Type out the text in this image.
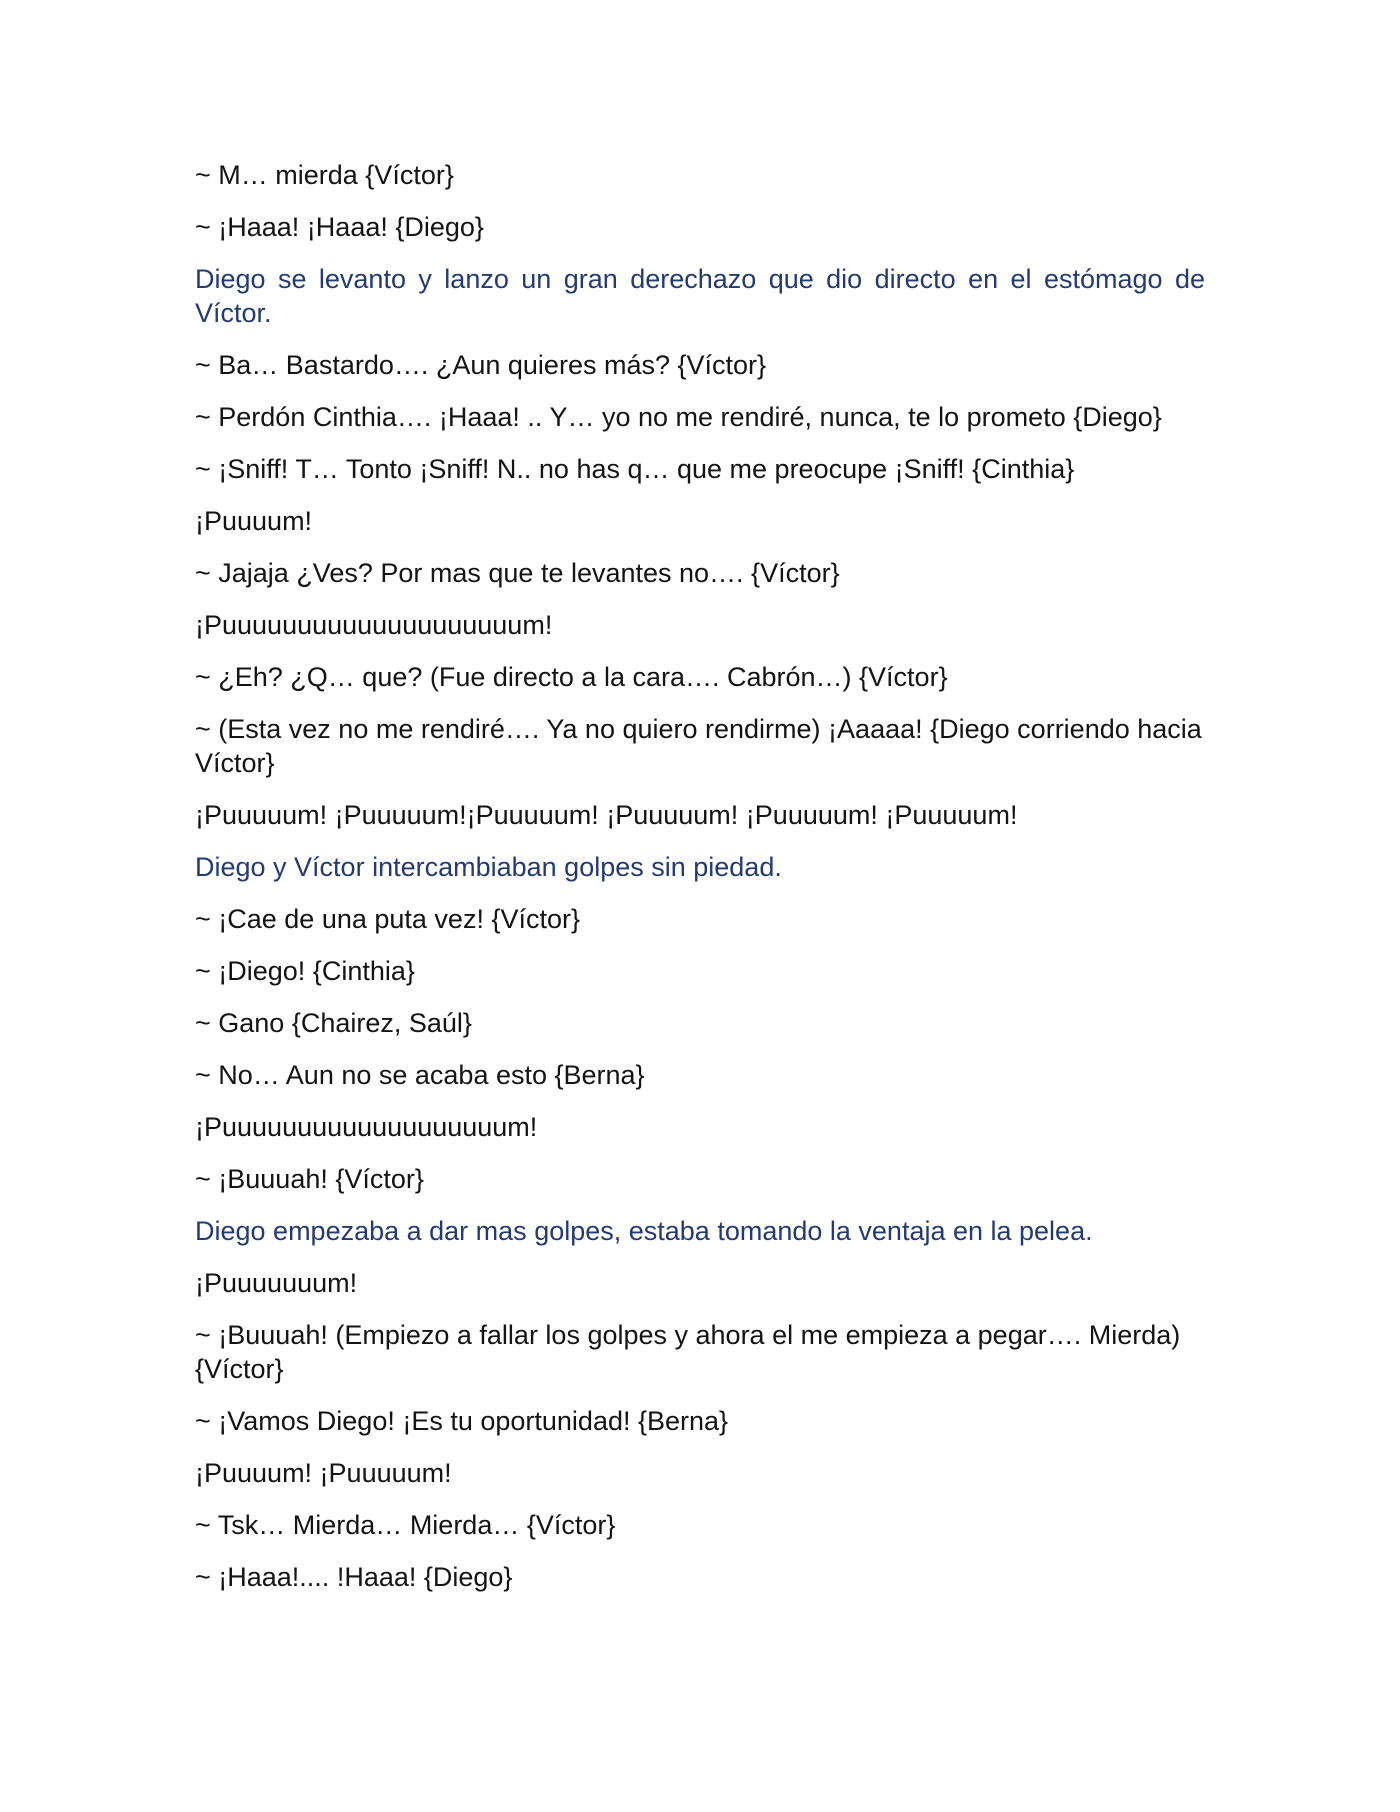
~ M… mierda {Víctor}

~ ¡Haaa! ¡Haaa! {Diego}

Diego se levanto y lanzo un gran derechazo que dio directo en el estómago de Víctor.

~ Ba… Bastardo…. ¿Aun quieres más? {Víctor}

~ Perdón Cinthia…. ¡Haaa! .. Y… yo no me rendiré, nunca, te lo prometo {Diego}

~ ¡Sniff! T… Tonto ¡Sniff! N.. no has q… que me preocupe ¡Sniff! {Cinthia}

¡Puuuum!

~ Jajaja ¿Ves? Por mas que te levantes no…. {Víctor}

¡Puuuuuuuuuuuuuuuuuuuum!

~ ¿Eh? ¿Q… que? (Fue directo a la cara…. Cabrón…) {Víctor}

~ (Esta vez no me rendiré…. Ya no quiero rendirme) ¡Aaaaa! {Diego corriendo hacia Víctor}

¡Puuuuum! ¡Puuuuum!¡Puuuuum! ¡Puuuuum! ¡Puuuuum! ¡Puuuuum!

Diego y Víctor intercambiaban golpes sin piedad.

~ ¡Cae de una puta vez! {Víctor}

~ ¡Diego! {Cinthia}

~ Gano {Chairez, Saúl}

~ No… Aun no se acaba esto {Berna}

¡Puuuuuuuuuuuuuuuuuuum!

~ ¡Buuuah! {Víctor}

Diego empezaba a dar mas golpes, estaba tomando la ventaja en la pelea.

¡Puuuuuuum!

~ ¡Buuuah! (Empiezo a fallar los golpes y ahora el me empieza a pegar…. Mierda) {Víctor}

~ ¡Vamos Diego! ¡Es tu oportunidad! {Berna}

¡Puuuum! ¡Puuuuum!

~ Tsk… Mierda… Mierda… {Víctor}

~ ¡Haaa!.... !Haaa! {Diego}
